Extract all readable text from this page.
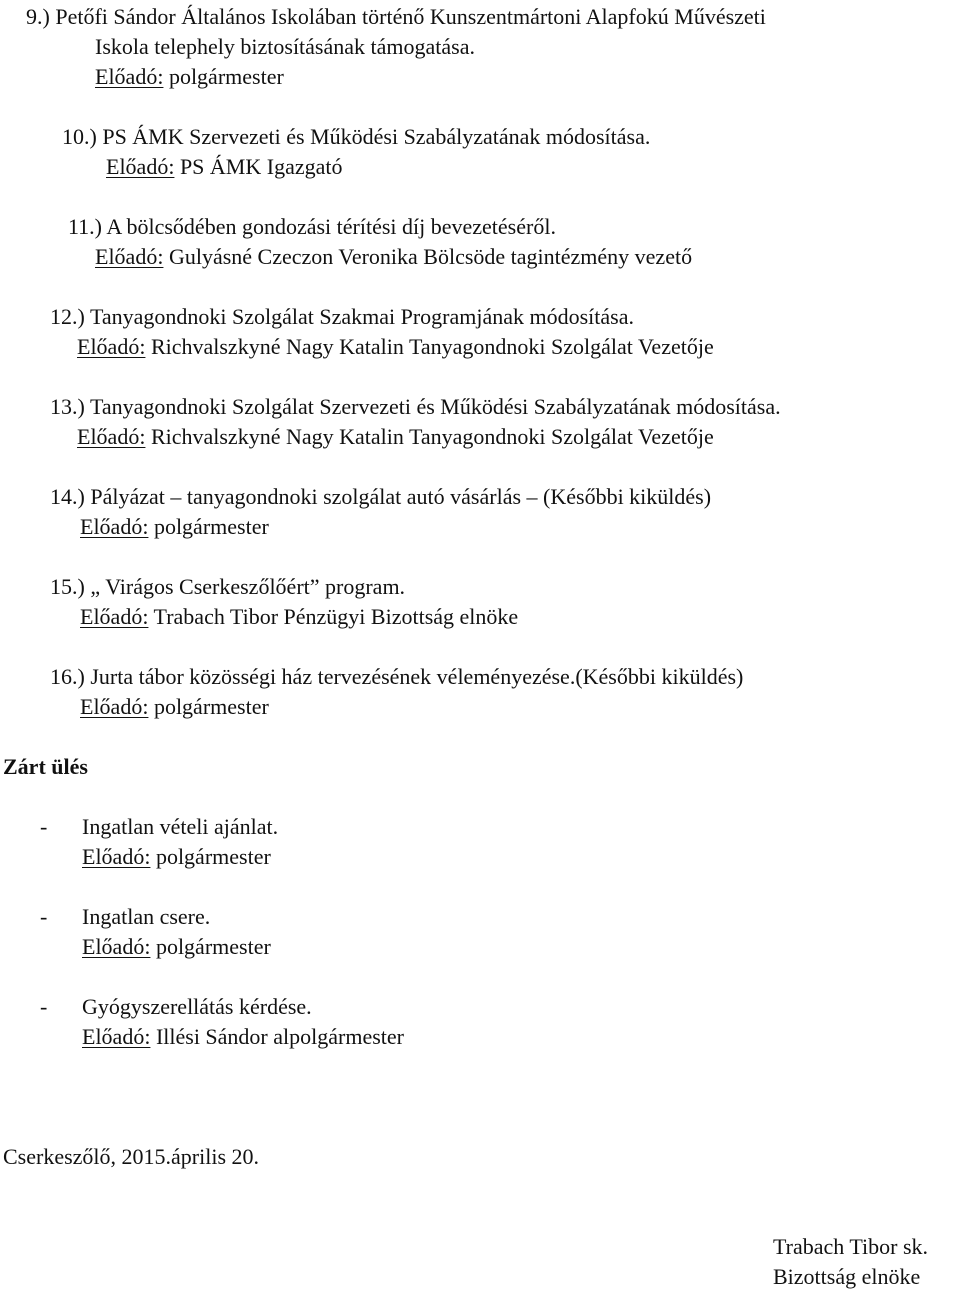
9.) Petőfi Sándor Általános Iskolában történő Kunszentmártoni Alapfokú Művészeti
Iskola telephely biztosításának támogatása.
Előadó: polgármester
10.) PS ÁMK Szervezeti és Működési Szabályzatának módosítása.
Előadó: PS ÁMK Igazgató
11.) A bölcsődében gondozási térítési díj bevezetéséről.
Előadó: Gulyásné Czeczon Veronika Bölcsöde tagintézmény vezető
12.) Tanyagondnoki Szolgálat Szakmai Programjának módosítása.
Előadó: Richvalszkyné Nagy Katalin Tanyagondnoki Szolgálat Vezetője
13.) Tanyagondnoki Szolgálat Szervezeti és Működési Szabályzatának módosítása.
Előadó: Richvalszkyné Nagy Katalin Tanyagondnoki Szolgálat Vezetője
14.) Pályázat – tanyagondnoki szolgálat autó vásárlás – (Későbbi kiküldés)
Előadó: polgármester
15.) „ Virágos Cserkeszőlőért” program.
Előadó: Trabach Tibor Pénzügyi Bizottság elnöke
16.) Jurta tábor közösségi ház tervezésének véleményezése.(Későbbi kiküldés)
Előadó: polgármester
Zárt ülés
- Ingatlan vételi ajánlat.
Előadó: polgármester
- Ingatlan csere.
Előadó: polgármester
- Gyógyszerellátás kérdése.
Előadó: Illési Sándor alpolgármester
Cserkeszőlő, 2015.április 20.
Trabach Tibor sk.
Bizottság elnöke
